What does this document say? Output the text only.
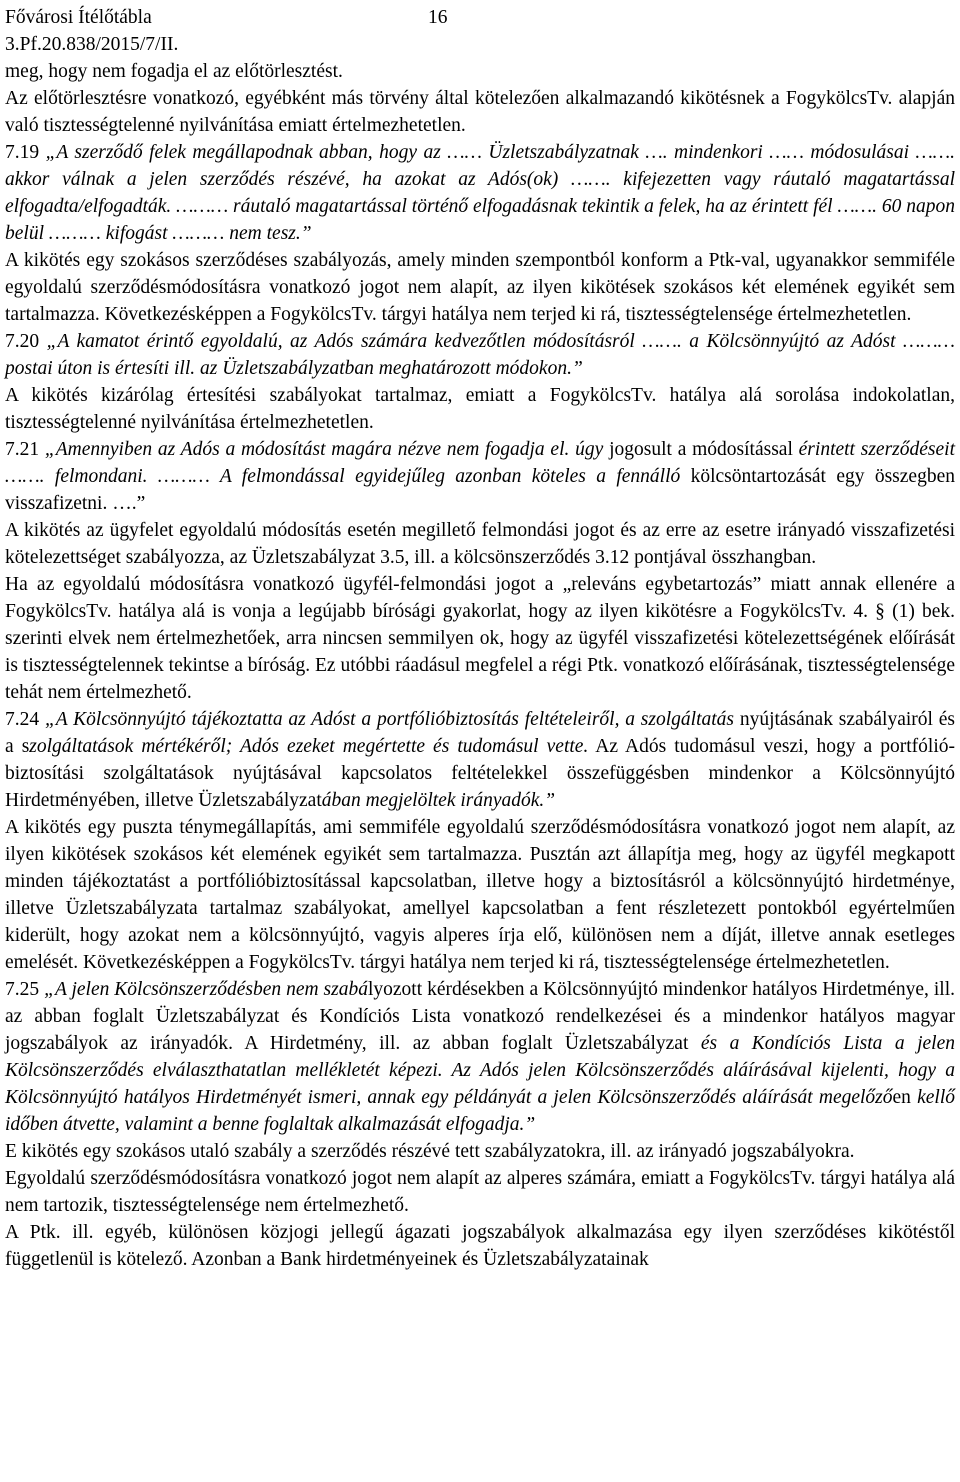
Fővárosi Ítélőtábla	16
3.Pf.20.838/2015/7/II.

meg, hogy nem fogadja el az előtörlesztést.

Az előtörlesztésre vonatkozó, egyébként más törvény által kötelezően alkalmazandó kikötésnek a FogykölcsTv. alapján való tisztességtelenné nyilvánítása emiatt értelmezhetetlen.

7.19 „A szerződő felek megállapodnak abban, hogy az …… Üzletszabályzatnak …. mindenkori …… módosulásai ……. akkor válnak a jelen szerződés részévé, ha azokat az Adós(ok) ……. kifejezetten vagy ráutaló magatartással elfogadta/elfogadták. ……… ráutaló magatartással történő elfogadásnak tekintik a felek, ha az érintett fél ……. 60 napon belül ……… kifogást ……… nem tesz.”

A kikötés egy szokásos szerződéses szabályozás, amely minden szempontból konform a Ptk-val, ugyanakkor semmiféle egyoldalú szerződésmódosításra vonatkozó jogot nem alapít, az ilyen kikötések szokásos két elemének egyikét sem tartalmazza. Következésképpen a FogykölcsTv. tárgyi hatálya nem terjed ki rá, tisztességtelensége értelmezhetetlen.

7.20 „A kamatot érintő egyoldalú, az Adós számára kedvezőtlen módosításról ……. a Kölcsönnyújtó az Adóst ……… postai úton is értesíti ill. az Üzletszabályzatban meghatározott módokon.”

A kikötés kizárólag értesítési szabályokat tartalmaz, emiatt a FogykölcsTv. hatálya alá sorolása indokolatlan, tisztességtelenné nyilvánítása értelmezhetetlen.

7.21 „Amennyiben az Adós a módosítást magára nézve nem fogadja el. úgy jogosult a módosítással érintett szerződéseit ……. felmondani. ……… A felmondással egyidejűleg azonban köteles a fennálló kölcsöntartozását egy összegben visszafizetni. ….”

A kikötés az ügyfelet egyoldalú módosítás esetén megillető felmondási jogot és az erre az esetre irányadó visszafizetési kötelezettséget szabályozza, az Üzletszabályzat 3.5, ill. a kölcsönszerződés 3.12 pontjával összhangban.

Ha az egyoldalú módosításra vonatkozó ügyfél-felmondási jogot a „releváns egybetartozás” miatt annak ellenére a FogykölcsTv. hatálya alá is vonja a legújabb bírósági gyakorlat, hogy az ilyen kikötésre a FogykölcsTv. 4. § (1) bek. szerinti elvek nem értelmezhetőek, arra nincsen semmilyen ok, hogy az ügyfél visszafizetési kötelezettségének előírását is tisztességtelennek tekintse a bíróság. Ez utóbbi ráadásul megfelel a régi Ptk. vonatkozó előírásának, tisztességtelensége tehát nem értelmezhető.

7.24 „A Kölcsönnyújtó tájékoztatta az Adóst a portfólióbiztosítás feltételeiről, a szolgáltatás nyújtásának szabályairól és a szolgáltatások mértékéről; Adós ezeket megértette és tudomásul vette. Az Adós tudomásul veszi, hogy a portfólió-biztosítási szolgáltatások nyújtásával kapcsolatos feltételekkel összefüggésben mindenkor a Kölcsönnyújtó Hirdetményében, illetve Üzletszabályzatában megjelöltek irányadók.”

A kikötés egy puszta ténymegállapítás, ami semmiféle egyoldalú szerződésmódosításra vonatkozó jogot nem alapít, az ilyen kikötések szokásos két elemének egyikét sem tartalmazza. Pusztán azt állapítja meg, hogy az ügyfél megkapott minden tájékoztatást a portfólióbiztosítással kapcsolatban, illetve hogy a biztosításról a kölcsönnyújtó hirdetménye, illetve Üzletszabályzata tartalmaz szabályokat, amellyel kapcsolatban a fent részletezett pontokból egyértelműen kiderült, hogy azokat nem a kölcsönnyújtó, vagyis alperes írja elő, különösen nem a díját, illetve annak esetleges emelését. Következésképpen a FogykölcsTv. tárgyi hatálya nem terjed ki rá, tisztességtelensége értelmezhetetlen.

7.25 „A jelen Kölcsönszerződésben nem szabályozott kérdésekben a Kölcsönnyújtó mindenkor hatályos Hirdetménye, ill. az abban foglalt Üzletszabályzat és Kondíciós Lista vonatkozó rendelkezései és a mindenkor hatályos magyar jogszabályok az irányadók. A Hirdetmény, ill. az abban foglalt Üzletszabályzat és a Kondíciós Lista a jelen Kölcsönszerződés elválaszthatatlan mellékletét képezi. Az Adós jelen Kölcsönszerződés aláírásával kijelenti, hogy a Kölcsönnyújtó hatályos Hirdetményét ismeri, annak egy példányát a jelen Kölcsönszerződés aláírását megelőzően kellő időben átvette, valamint a benne foglaltak alkalmazását elfogadja.”

E kikötés egy szokásos utaló szabály a szerződés részévé tett szabályzatokra, ill. az irányadó jogszabályokra.

Egyoldalú szerződésmódosításra vonatkozó jogot nem alapít az alperes számára, emiatt a FogykölcsTv. tárgyi hatálya alá nem tartozik, tisztességtelensége nem értelmezhető.

A Ptk. ill. egyéb, különösen közjogi jellegű ágazati jogszabályok alkalmazása egy ilyen szerződéses kikötéstől függetlenül is kötelező. Azonban a Bank hirdetményeinek és Üzletszabályzatainak
